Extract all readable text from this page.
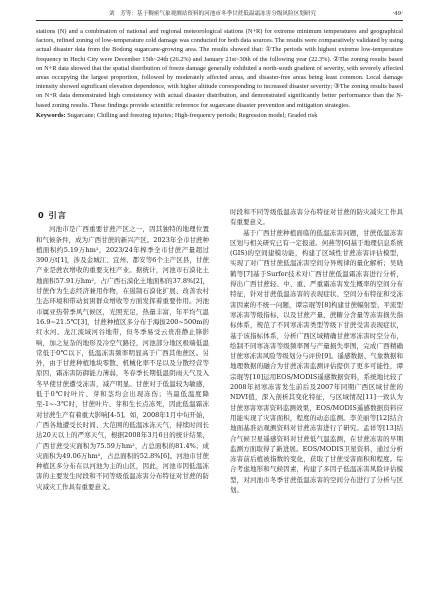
刘　芳等：基于稠密气象观测站资料的河池市冬季甘蔗低温霜冻害分级风险区划研究	·49·

stations (N) and a combination of national and regional meteorological stations (N+R) for extreme minimum temperatures and geographical factors, refined zoning of low-temperature cold damage was conducted for both data sources. The results were comparatively validated by using actual disaster data from the Bodong sugarcane-growing area. The results showed that: ①The periods with highest extreme low-temperature frequency in Hechi City were December 15th~24th (26.2%) and January 21st~30th of the following year (22.3%). ②The zoning results based on N+R data showed that the spatial distribution of freeze damage generally exhibited a north-south gradient of severity, with severely affected areas occupying the largest proportion, followed by moderately affected areas, and disaster-free areas being least common. Local damage intensity showed significant elevation dependence, with higher altitude corresponding to increased disaster severity; ③The zoning results based on N+R data demonstrated high consistency with actual disaster distribution, and demonstrated significantly better performance than the N-based zoning results. These findings provide scientific reference for sugarcane disaster prevention and mitigation strategies.

Keywords: Sugarcane; Chilling and freezing injuries; High-frequency periods; Regression model; Graded risk

0 引言

河池市是广西重要甘蔗产区之一，因其独特的地理位置和气候条件，成为广西甘蔗的新兴产区。2023年全市甘蔗种植面积约5.19万hm²，2023/24年榨季全市甘蔗产量超过390万t[1]，涉及金城江、宜州、都安等6个主产区县，甘蔗产业是蔗农增收的重要支柱产业。据统计，河池市石漠化土地面积57.91万hm²，占广西石漠化土地面积的37.8%[2]，甘蔗作为生态经济兼用作物，在遏制石漠化扩展、改善农村生态环境和带动贫困群众增收等方面发挥着重要作用。河池市属亚热带季风气候区，光照充足，热量丰富，年平均气温16.9~21.5℃[3]，甘蔗种植区多分布于海拔200~500m的红水河、龙江流域河谷地带，但冬季易受云贵准静止锋影响，加之复杂的地形及冷空气路径，河池部分地区极端低温常低于0℃以下，低温冻害频率明显高于广西其他蔗区。另外，由于甘蔗种植地块零散、机械化率不足以及分散经营等原因，霜冻害防御能力薄弱，冬春季长期低温阴雨天气及入冬早使甘蔗遭受冻害，减产明显。甘蔗对于低温较为敏感，低于0℃时叶片、芽和茎均会出现冻伤；当最低温度降至-1~-3℃时，甘蔗叶片、芽和生长点冻死，因此低温霜冻对甘蔗生产有着重大影响[4-5]。如，2008年1月中旬开始，广西各地遭受长时间、大范围的低温冰冻天气，持续时间长达20天以上的严寒天气，根据2008年3月6日的统计结果，广西甘蔗受灾面积为75.59万hm²，占总面积的81.4%；成灾面积为49.06万hm²，占总面积的52.8%[6]。河池市甘蔗种植区多分布在以河池为主的山区，因此，河池市因低温冻害的主要发生时段和不同等级低温冻害分布特征对甘蔗的防灾减灾工作具有重要意义。

时段和不同等级低温冻害分布特征对甘蔗的防灾减灾工作具有重要意义。

基于广西甘蔗种植面临的低温冻害问题，甘蔗低温冻害区划与相关研究已有一定报道。何燕等[6]基于地理信息系统(GIS)的空间建模功能，构建了区域性甘蔗冻害评估模型，实现了对广西甘蔗低温冻害空间分异规律的量化解析；吴晓鹤等[7]基于Surfer技术对广西甘蔗低温霜冻害进行分析，得出广西甘蔗轻、中、重、严重霜冻害发生概率的空间分布特征，针对甘蔗低温冻害的表现症状、空间分布特征和受冻害因素的不统一问题，谭宗琨等[8]构建甘蔗幅射型、平流型寒冻害等级指标，以及甘蔗产量、蔗糖分含量等冻害损失指标体系，规范了不同寒冻害类型等级下甘蔗受害表现症状，基于该指标体系，分析广西区域精确甘蔗寒冻害时空分布，绘制不同寒冻害等级频率图与产量损失率图，完成广西精确甘蔗寒冻害风险等级划分与评价[9]。遥感数据、气象数据和地理数据的融合为甘蔗冻害监测评估提供了更多可能性，谭宗琨等[10]运用EOS/MODIS遥感数据资料，系统地比较了2008年初寒冻害发生前后及2007年同期广西区域甘蔗的NDVI值，深入剖析其变化特征，与区域情况[11]一致认为甘蔗寒害寒害资料监测效果，EOS/MODIS遥感数据资料应用能实现了灾害面积，程度的动态监测。李美丽等[12]结合地面基准站观测资料对甘蔗冻害进行了研究。孟祥等[13]结合气候卫星遥感资料对甘蔗低气温监测，在甘蔗冻害的早期监测方面取得了新进展。EOS/MODIS卫星资料，通过分析冻害前后植被指数的变化，获取了甘蔗受害面积和程度。综合考虑地形和气候因素，构建了多因子低温冻害风险评估模型，对河池市冬季甘蔗低温冻害的空间分布进行了分析与区划。
